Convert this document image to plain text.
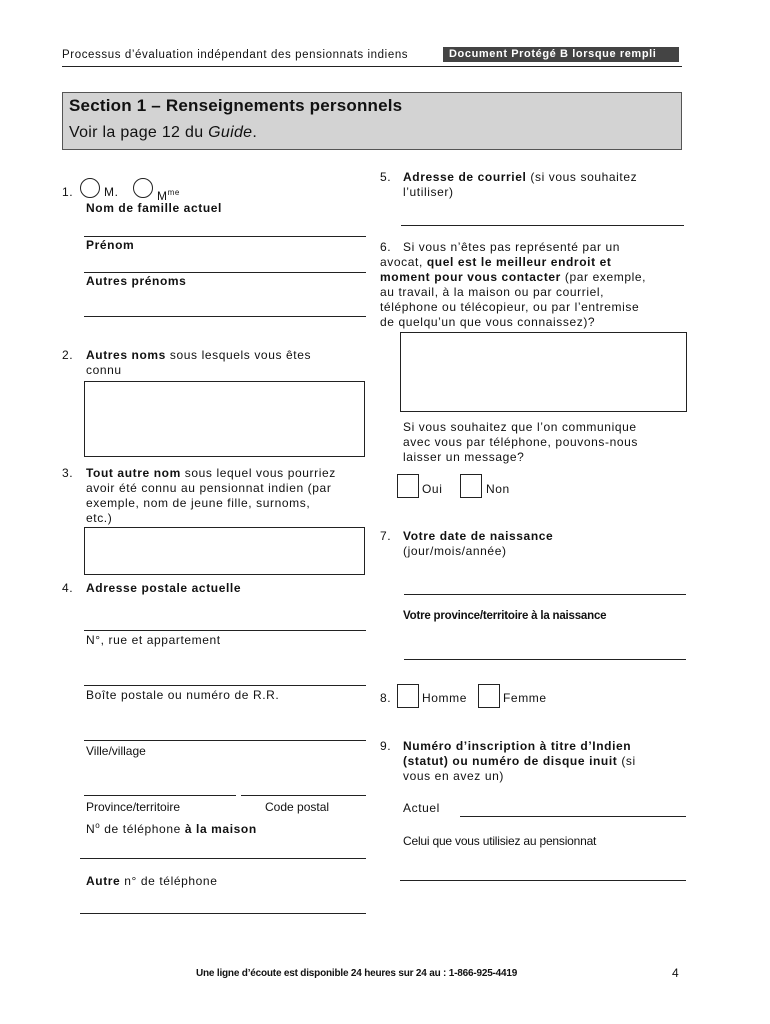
Processus d’évaluation indépendant des pensionnats indiens	Document Protégé B lorsque rempli
Section 1 – Renseignements personnels
Voir la page 12 du Guide.
1.	M.	$M^{me}$
Nom de famille actuel
Prénom
Autres prénoms
2. Autres noms sous lesquels vous êtes
connu
3. Tout autre nom sous lequel vous pourriez
avoir été connu au pensionnat indien (par
exemple, nom de jeune fille, surnoms,
etc.)
4. Adresse postale actuelle
N°, rue et appartement
Boîte postale ou numéro de R.R.
Ville/village
Province/territoire	Code postal
$N^o$ de téléphone à la maison
Autre n° de téléphone
5. Adresse de courriel (si vous souhaitez
l’utiliser)
6. Si vous n’êtes pas représenté par un
avocat, quel est le meilleur endroit et
moment pour vous contacter (par exemple,
au travail, à la maison ou par courriel,
téléphone ou télécopieur, ou par l’entremise
de quelqu’un que vous connaissez)?
Si vous souhaitez que l’on communique
avec vous par téléphone, pouvons-nous
laisser un message?
Oui	Non
7. Votre date de naissance
(jour/mois/année)
Votre province/territoire à la naissance
8.	Homme	Femme
9. Numéro d’inscription à titre d’Indien
(statut) ou numéro de disque inuit (si
vous en avez un)
Actuel
Celui que vous utilisiez au pensionnat
Une ligne d’écoute est disponible 24 heures sur 24 au : 1-866-925-4419	4
